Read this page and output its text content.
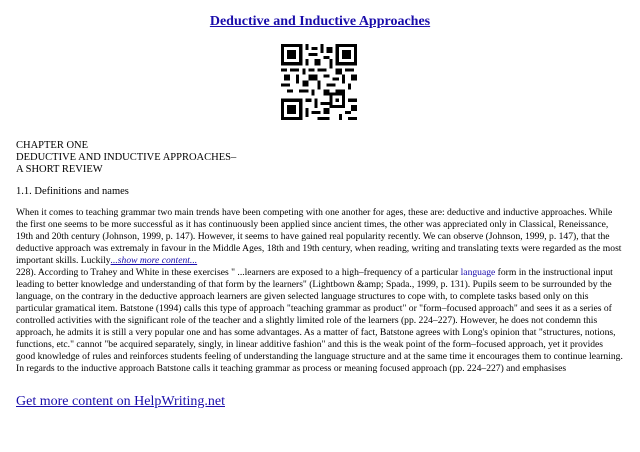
Deductive and Inductive Approaches
CHAPTER ONE
DEDUCTIVE AND INDUCTIVE APPROACHES–
A SHORT REVIEW
1.1. Definitions and names
When it comes to teaching grammar two main trends have been competing with one another for ages, these are: deductive and inductive approaches. While the first one seems to be more successful as it has continuously been applied since ancient times, the other was appreciated only in Classical, Reneissance, 19th and 20th century (Johnson, 1999, p. 147). However, it seems to have gained real popularity recently. We can observe (Johnson, 1999, p. 147), that the deductive approach was extremaly in favour in the Middle Ages, 18th and 19th century, when reading, writing and translating texts were regarded as the most important skills. Luckily...show more content...
228). According to Trahey and White in these exercises " ...learners are exposed to a high–frequency of a particular language form in the instructional input leading to better knowledge and understanding of that form by the learners" (Lightbown &amp; Spada., 1999, p. 131). Pupils seem to be surrounded by the language, on the contrary in the deductive approach learners are given selected language structures to cope with, to complete tasks based only on this particular gramatical item. Batstone (1994) calls this type of approach "teaching grammar as product" or "form–focused approach" and sees it as a series of controlled activities with the significant role of the teacher and a slightly limited role of the learners (pp. 224–227). However, he does not condemn this approach, he admits it is still a very popular one and has some advantages. As a matter of fact, Batstone agrees with Long's opinion that "structures, notions, functions, etc." cannot "be acquired separately, singly, in linear additive fashion" and this is the weak point of the form–focused approach, yet it provides good knowledge of rules and reinforces students feeling of understanding the language structure and at the same time it encourages them to continue learning. In regards to the inductive approach Batstone calls it teaching grammar as process or meaning focused approach (pp. 224–227) and emphasises
Get more content on HelpWriting.net
